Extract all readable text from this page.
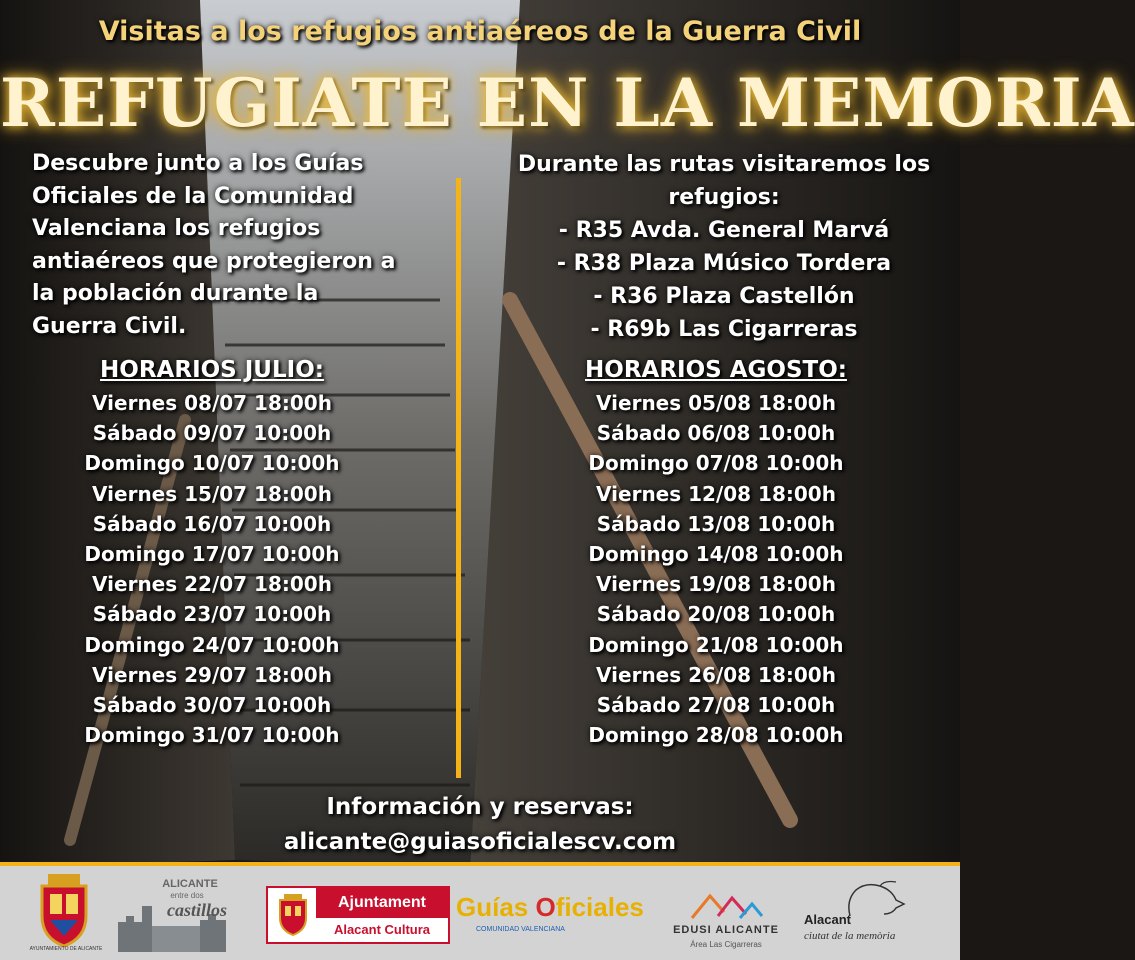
Visitas a los refugios antiaéreos de la Guerra Civil
REFUGIATE EN LA MEMORIA
Descubre junto a los Guías
Oficiales de la Comunidad
Valenciana los refugios
antiaéreos que protegieron a
la población durante la
Guerra Civil.
Durante las rutas visitaremos los
refugios:
- R35 Avda. General Marvá
- R38 Plaza Músico Tordera
- R36 Plaza Castellón
- R69b Las Cigarreras
HORARIOS JULIO:
Viernes 08/07 18:00h
Sábado 09/07 10:00h
Domingo 10/07 10:00h
Viernes 15/07 18:00h
Sábado 16/07 10:00h
Domingo 17/07 10:00h
Viernes 22/07 18:00h
Sábado 23/07 10:00h
Domingo 24/07 10:00h
Viernes 29/07 18:00h
Sábado 30/07 10:00h
Domingo 31/07 10:00h
HORARIOS AGOSTO:
Viernes 05/08 18:00h
Sábado 06/08 10:00h
Domingo 07/08 10:00h
Viernes 12/08 18:00h
Sábado 13/08 10:00h
Domingo 14/08 10:00h
Viernes 19/08 18:00h
Sábado 20/08 10:00h
Domingo 21/08 10:00h
Viernes 26/08 18:00h
Sábado 27/08 10:00h
Domingo 28/08 10:00h
Información y reservas:
alicante@guiasoficialescv.com
AYUNTAMIENTO DE ALICANTE
ALICANTE
entre dos
castillos	Ajuntament
Alacant Cultura
Guías Oficiales
COMUNIDAD VALENCIANA	EDUSI ALICANTE
Área Las Cigarreras
Alacant
ciutat de la memòria
